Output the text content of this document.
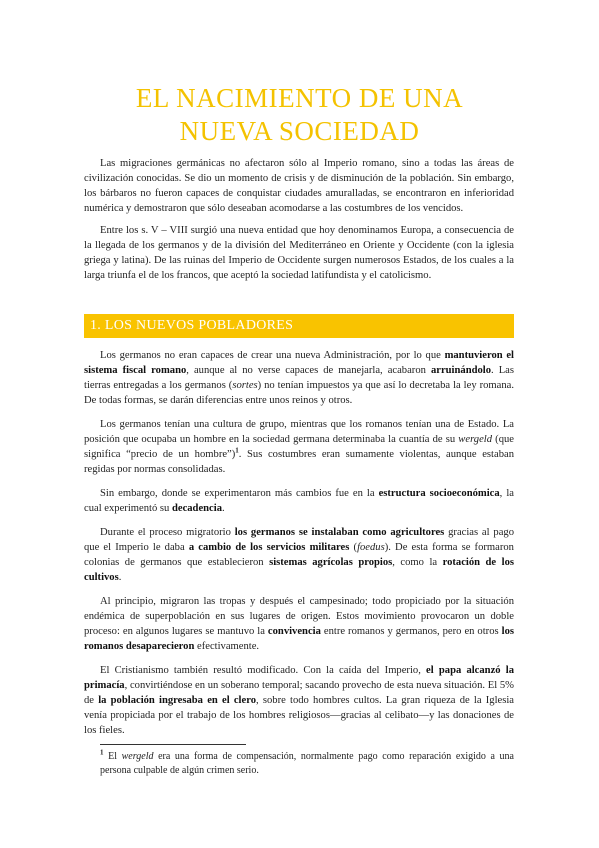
EL NACIMIENTO DE UNA
NUEVA SOCIEDAD

Las migraciones germánicas no afectaron sólo al Imperio romano, sino a todas las áreas de civilización conocidas. Se dio un momento de crisis y de disminución de la población. Sin embargo, los bárbaros no fueron capaces de conquistar ciudades amuralladas, se encontraron en inferioridad numérica y demostraron que sólo deseaban acomodarse a las costumbres de los vencidos.

Entre los s. V – VIII surgió una nueva entidad que hoy denominamos Europa, a consecuencia de la llegada de los germanos y de la división del Mediterráneo en Oriente y Occidente (con la iglesia griega y latina). De las ruinas del Imperio de Occidente surgen numerosos Estados, de los cuales a la larga triunfa el de los francos, que aceptó la sociedad latifundista y el catolicismo.

1. LOS NUEVOS POBLADORES

Los germanos no eran capaces de crear una nueva Administración, por lo que mantuvieron el sistema fiscal romano, aunque al no verse capaces de manejarla, acabaron arruinándolo. Las tierras entregadas a los germanos (sortes) no tenían impuestos ya que así lo decretaba la ley romana. De todas formas, se darán diferencias entre unos reinos y otros.

Los germanos tenían una cultura de grupo, mientras que los romanos tenían una de Estado. La posición que ocupaba un hombre en la sociedad germana determinaba la cuantía de su wergeld (que significa “precio de un hombre”)$^1$. Sus costumbres eran sumamente violentas, aunque estaban regidas por normas consolidadas.

Sin embargo, donde se experimentaron más cambios fue en la estructura socioeconómica, la cual experimentó su decadencia.

Durante el proceso migratorio los germanos se instalaban como agricultores gracias al pago que el Imperio le daba a cambio de los servicios militares (foedus). De esta forma se formaron colonias de germanos que establecieron sistemas agrícolas propios, como la rotación de los cultivos.

Al principio, migraron las tropas y después el campesinado; todo propiciado por la situación endémica de superpoblación en sus lugares de origen. Estos movimiento provocaron un doble proceso: en algunos lugares se mantuvo la convivencia entre romanos y germanos, pero en otros los romanos desaparecieron efectivamente.

El Cristianismo también resultó modificado. Con la caída del Imperio, el papa alcanzó la primacía, convirtiéndose en un soberano temporal; sacando provecho de esta nueva situación. El 5% de la población ingresaba en el clero, sobre todo hombres cultos. La gran riqueza de la Iglesia venía propiciada por el trabajo de los hombres religiosos—gracias al celibato—y las donaciones de los fieles.

$^1$ El wergeld era una forma de compensación, normalmente pago como reparación exigido a una persona culpable de algún crimen serio.
